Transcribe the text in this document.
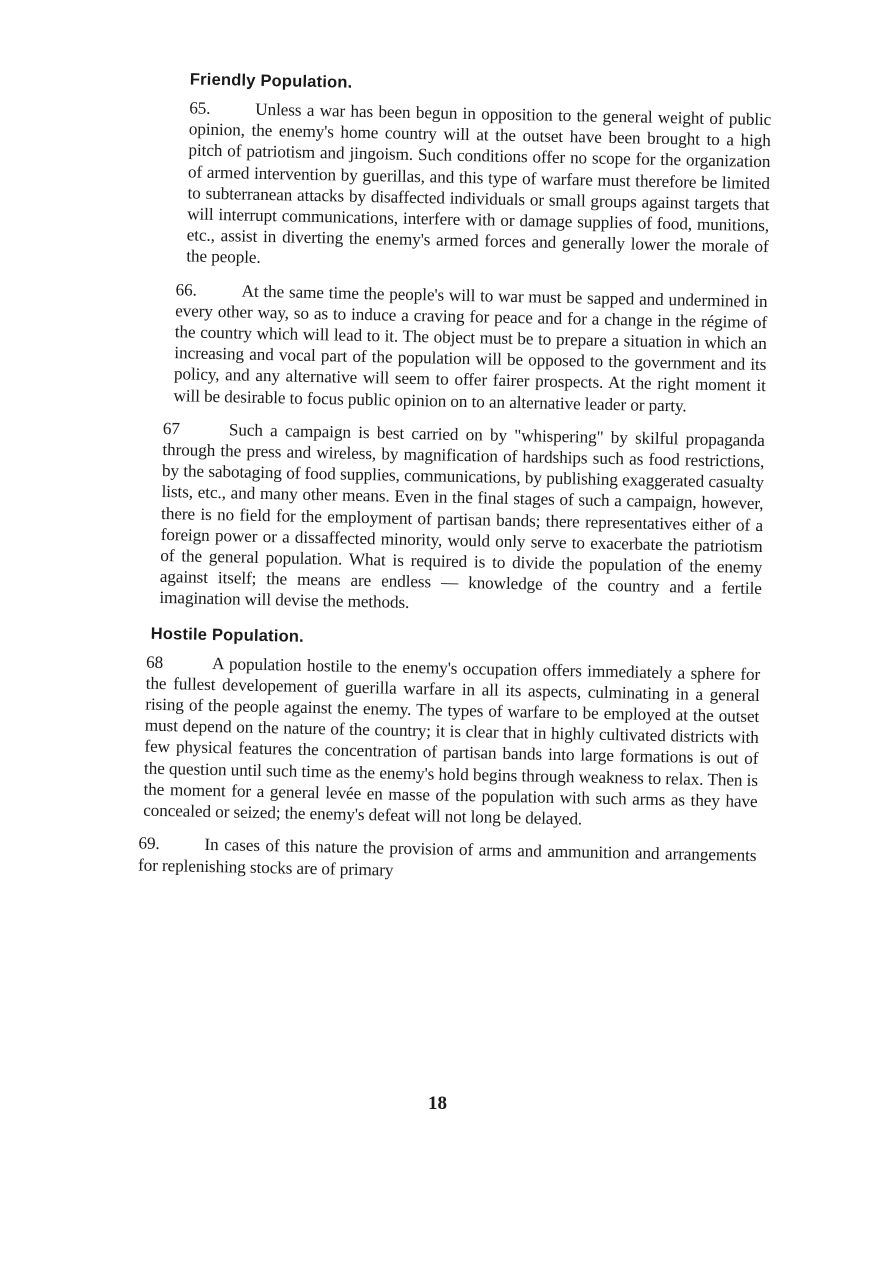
Friendly Population.

65.	Unless a war has been begun in opposition to the general weight of public opinion, the enemy's home country will at the outset have been brought to a high pitch of patriotism and jingoism. Such conditions offer no scope for the organization of armed intervention by guerillas, and this type of warfare must therefore be limited to subterranean attacks by disaffected individuals or small groups against targets that will interrupt communications, interfere with or damage supplies of food, munitions, etc., assist in diverting the enemy's armed forces and generally lower the morale of the people.

66.	At the same time the people's will to war must be sapped and undermined in every other way, so as to induce a craving for peace and for a change in the régime of the country which will lead to it. The object must be to prepare a situation in which an increasing and vocal part of the population will be opposed to the government and its policy, and any alternative will seem to offer fairer prospects. At the right moment it will be desirable to focus public opinion on to an alternative leader or party.

67	Such a campaign is best carried on by "whispering" by skilful propaganda through the press and wireless, by magnification of hardships such as food restrictions, by the sabotaging of food supplies, communications, by publishing exaggerated casualty lists, etc., and many other means. Even in the final stages of such a campaign, however, there is no field for the employment of partisan bands; there representatives either of a foreign power or a dissaffected minority, would only serve to exacerbate the patriotism of the general population. What is required is to divide the population of the enemy against itself; the means are endless — knowledge of the country and a fertile imagination will devise the methods.

Hostile Population.

68	A population hostile to the enemy's occupation offers immediately a sphere for the fullest developement of guerilla warfare in all its aspects, culminating in a general rising of the people against the enemy. The types of warfare to be employed at the outset must depend on the nature of the country; it is clear that in highly cultivated districts with few physical features the concentration of partisan bands into large formations is out of the question until such time as the enemy's hold begins through weakness to relax. Then is the moment for a general levée en masse of the population with such arms as they have concealed or seized; the enemy's defeat will not long be delayed.

69.	In cases of this nature the provision of arms and ammunition and arrangements for replenishing stocks are of primary

18
